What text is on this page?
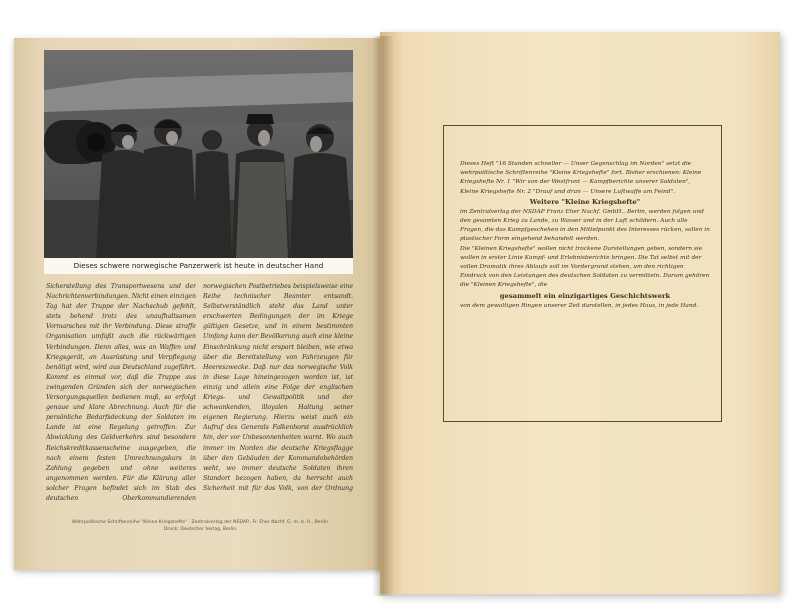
Dieses schwere norwegische Panzerwerk ist heute in deutscher Hand
Sicherstellung des Transportwesens und der Nachrichtenverbindungen. Nicht einen einzigen Tag hat der Truppe der Nachschub gefehlt, stets behend trotz des unaufhaltsamen Vormarsches mit ihr Verbindung. Diese straffe Organisation umfaßt auch die rückwärtigen Verbindungen. Denn alles, was an Waffen und Kriegsgerät, an Ausrüstung und Verpflegung benötigt wird, wird aus Deutschland zugeführt. Kommt es einmal vor, daß die Truppe aus zwingenden Gründen sich der norwegischen Versorgungsquellen bedienen muß, so erfolgt genaue und klare Abrechnung. Auch für die persönliche Bedarfsdeckung der Soldaten im Lande ist eine Regelung getroffen. Zur Abwicklung des Geldverkehrs sind besondere Reichskreditkassenscheine ausgegeben, die nach einem festen Umrechnungskurs in Zahlung gegeben und ohne weiteres angenommen werden. Für die Klärung aller solcher Fragen befindet sich im Stab des deutschen Oberkommandierenden
norwegischen Postbetriebes beispielsweise eine Reihe technischer Beamter entsandt. Selbstverständlich steht das Land unter erschwerten Bedingungen der im Kriege gültigen Gesetze, und in einem bestimmten Umfang kann der Bevölkerung auch eine kleine Einschränkung nicht erspart bleiben, wie etwa über die Bereitstellung von Fahrzeugen für Heereszwecke. Daß nur das norwegische Volk in diese Lage hineingezogen worden ist, ist einzig und allein eine Folge der englischen Kriegs- und Gewaltpolitik und der schwankenden, illoyalen Haltung seiner eigenen Regierung. Hierzu weist auch ein Aufruf des Generals Falkenhorst ausdrücklich hin, der vor Unbesonnenheiten warnt. Wo auch immer im Norden die deutsche Kriegsflagge über den Gebäuden der Kommandobehörden weht, wo immer deutsche Soldaten ihren Standort bezogen haben, da herrscht auch Sicherheit mit für das Volk, von der Ordnung
Wehrpolitische Schriftenreihe "Kleine Kriegshefte" · Zentralverlag der NSDAP., Fr. Eher Nachf. G. m. b. H., Berlin
Druck: Deutscher Verlag, Berlin

Dieses Heft "16 Stunden schneller — Unser Gegenschlag im Norden" setzt die wehrpolitische Schriftenreihe "Kleine Kriegshefte" fort. Bisher erschienen: Kleine Kriegshefte Nr. 1 "Wir von der Westfront — Kampfberichte unserer Soldaten", Kleine Kriegshefte Nr. 2 "Drauf und dran — Unsere Luftwaffe am Feind".

Weitere "Kleine Kriegshefte"

im Zentralverlag der NSDAP Franz Eher Nachf. GmbH., Berlin, werden folgen und den gesamten Krieg zu Lande, zu Wasser und in der Luft schildern. Auch alle Fragen, die das Kampfgeschehen in den Mittelpunkt des Interesses rücken, sollen in plastischer Form eingehend behandelt werden.

Die "Kleinen Kriegshefte" wollen nicht trockene Darstellungen geben, sondern sie wollen in erster Linie Kampf- und Erlebnisberichte bringen. Die Tat selbst mit der vollen Dramatik ihres Ablaufs soll im Vordergrund stehen, um den richtigen Eindruck von den Leistungen des deutschen Soldaten zu vermitteln. Darum gehören die "Kleinen Kriegshefte", die

gesammelt ein einzigartiges Geschichtswerk

von dem gewaltigen Ringen unserer Zeit darstellen, in jedes Haus, in jede Hand.
